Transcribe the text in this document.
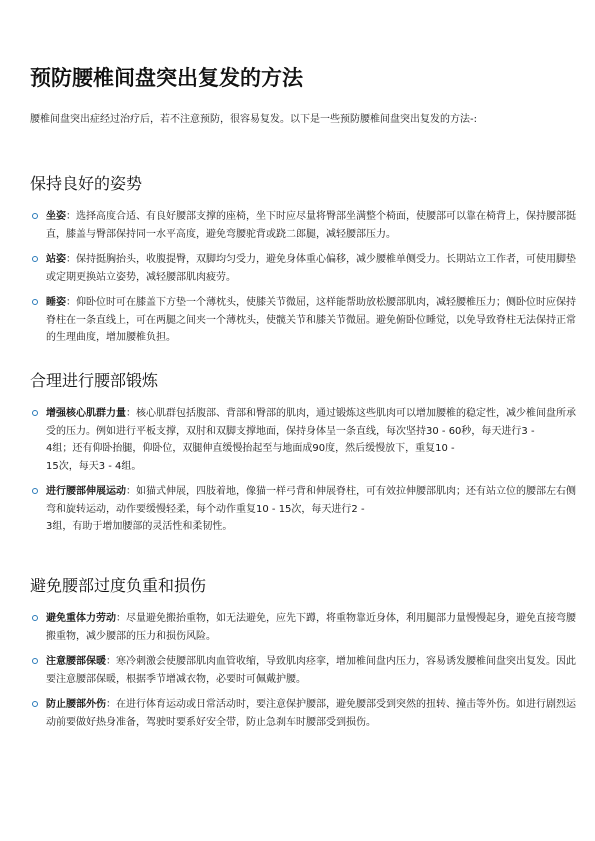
预防腰椎间盘突出复发的方法

腰椎间盘突出症经过治疗后，若不注意预防，很容易复发。以下是一些预防腰椎间盘突出复发的方法-:

保持良好的姿势
坐姿：选择高度合适、有良好腰部支撑的座椅，坐下时应尽量将臀部坐满整个椅面，使腰部可以靠在椅背上，保持腰部挺直，膝盖与臀部保持同一水平高度，避免弯腰驼背或跷二郎腿，减轻腰部压力。
站姿：保持挺胸抬头，收腹提臀，双脚均匀受力，避免身体重心偏移，减少腰椎单侧受力。长期站立工作者，可使用脚垫或定期更换站立姿势，减轻腰部肌肉疲劳。
睡姿：仰卧位时可在膝盖下方垫一个薄枕头，使膝关节微屈，这样能帮助放松腰部肌肉，减轻腰椎压力；侧卧位时应保持脊柱在一条直线上，可在两腿之间夹一个薄枕头，使髋关节和膝关节微屈。避免俯卧位睡觉，以免导致脊柱无法保持正常的生理曲度，增加腰椎负担。
合理进行腰部锻炼
增强核心肌群力量：核心肌群包括腹部、背部和臀部的肌肉，通过锻炼这些肌肉可以增加腰椎的稳定性，减少椎间盘所承受的压力。例如进行平板支撑，双肘和双脚支撑地面，保持身体呈一条直线，每次坚持30 - 60秒，每天进行3 -
4组；还有仰卧抬腿，仰卧位，双腿伸直缓慢抬起至与地面成90度，然后缓慢放下，重复10 -
15次，每天3 - 4组。
进行腰部伸展运动：如猫式伸展，四肢着地，像猫一样弓背和伸展脊柱，可有效拉伸腰部肌肉；还有站立位的腰部左右侧弯和旋转运动，动作要缓慢轻柔，每个动作重复10 - 15次，每天进行2 -
3组，有助于增加腰部的灵活性和柔韧性。
避免腰部过度负重和损伤
避免重体力劳动：尽量避免搬抬重物，如无法避免，应先下蹲，将重物靠近身体，利用腿部力量慢慢起身，避免直接弯腰搬重物，减少腰部的压力和损伤风险。
注意腰部保暖：寒冷刺激会使腰部肌肉血管收缩，导致肌肉痉挛，增加椎间盘内压力，容易诱发腰椎间盘突出复发。因此要注意腰部保暖，根据季节增减衣物，必要时可佩戴护腰。
防止腰部外伤：在进行体育运动或日常活动时，要注意保护腰部，避免腰部受到突然的扭转、撞击等外伤。如进行剧烈运动前要做好热身准备，驾驶时要系好安全带，防止急刹车时腰部受到损伤。
